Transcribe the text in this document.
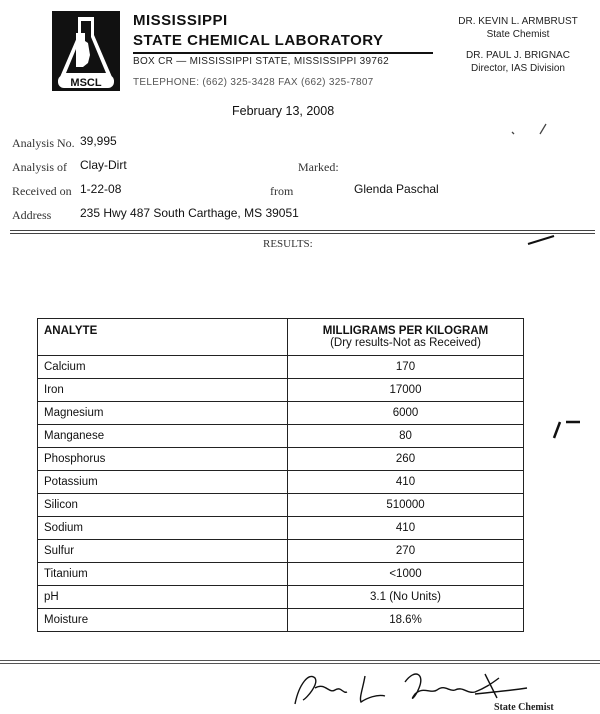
MSCL
MISSISSIPPI
STATE CHEMICAL LABORATORY
BOX CR — MISSISSIPPI STATE, MISSISSIPPI 39762
TELEPHONE: (662) 325-3428 FAX (662) 325-7807
DR. KEVIN L. ARMBRUST
State Chemist
DR. PAUL J. BRIGNAC
Director, IAS Division
February 13, 2008
Analysis No. 39,995
Analysis of Clay-Dirt	Marked:
Received on 1-22-08	from	Glenda Paschal
Address 235 Hwy 487 South Carthage, MS 39051
RESULTS:
ANALYTE	MILLIGRAMS PER KILOGRAM
(Dry results-Not as Received)

Calcium	170
Iron	17000
Magnesium	6000
Manganese	80
Phosphorus	260
Potassium	410
Silicon	510000
Sodium	410
Sulfur	270
Titanium	<1000
pH	3.1 (No Units)
Moisture	18.6%
State Chemist
